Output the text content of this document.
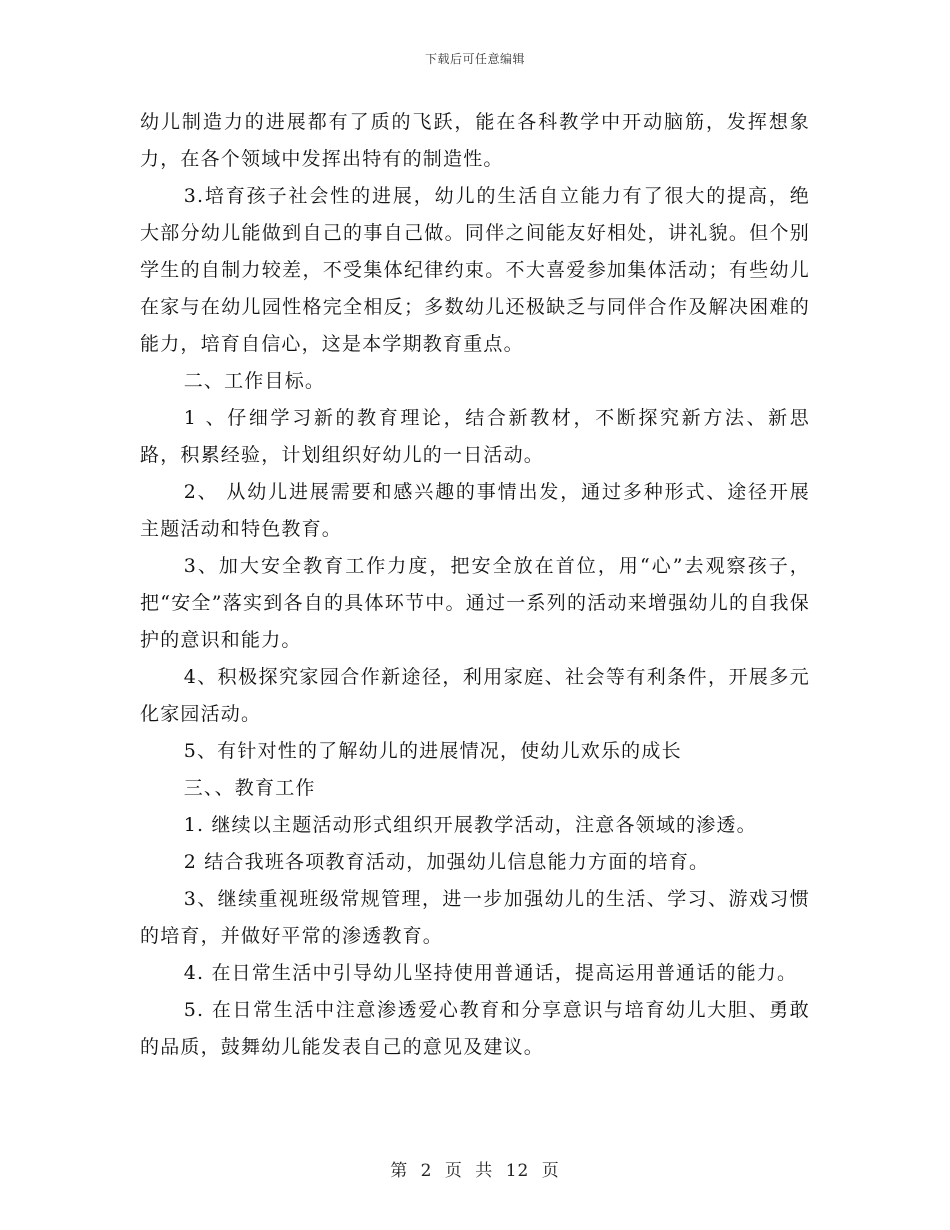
下载后可任意编辑

幼儿制造力的进展都有了质的飞跃，能在各科教学中开动脑筋，发挥想象力，在各个领域中发挥出特有的制造性。

3.培育孩子社会性的进展，幼儿的生活自立能力有了很大的提高，绝大部分幼儿能做到自己的事自己做。同伴之间能友好相处，讲礼貌。但个别学生的自制力较差，不受集体纪律约束。不大喜爱参加集体活动；有些幼儿在家与在幼儿园性格完全相反；多数幼儿还极缺乏与同伴合作及解决困难的能力，培育自信心，这是本学期教育重点。

二、工作目标。

1 、仔细学习新的教育理论，结合新教材，不断探究新方法、新思路，积累经验，计划组织好幼儿的一日活动。

2、 从幼儿进展需要和感兴趣的事情出发，通过多种形式、途径开展主题活动和特色教育。

3、加大安全教育工作力度，把安全放在首位，用“心”去观察孩子，把“安全”落实到各自的具体环节中。通过一系列的活动来增强幼儿的自我保护的意识和能力。

4、积极探究家园合作新途径，利用家庭、社会等有利条件，开展多元化家园活动。

5、有针对性的了解幼儿的进展情况，使幼儿欢乐的成长

三、、教育工作

1. 继续以主题活动形式组织开展教学活动，注意各领域的渗透。

2 结合我班各项教育活动，加强幼儿信息能力方面的培育。

3、继续重视班级常规管理，进一步加强幼儿的生活、学习、游戏习惯的培育，并做好平常的渗透教育。

4. 在日常生活中引导幼儿坚持使用普通话，提高运用普通话的能力。

5. 在日常生活中注意渗透爱心教育和分享意识与培育幼儿大胆、勇敢的品质，鼓舞幼儿能发表自己的意见及建议。

第 2 页 共 12 页
